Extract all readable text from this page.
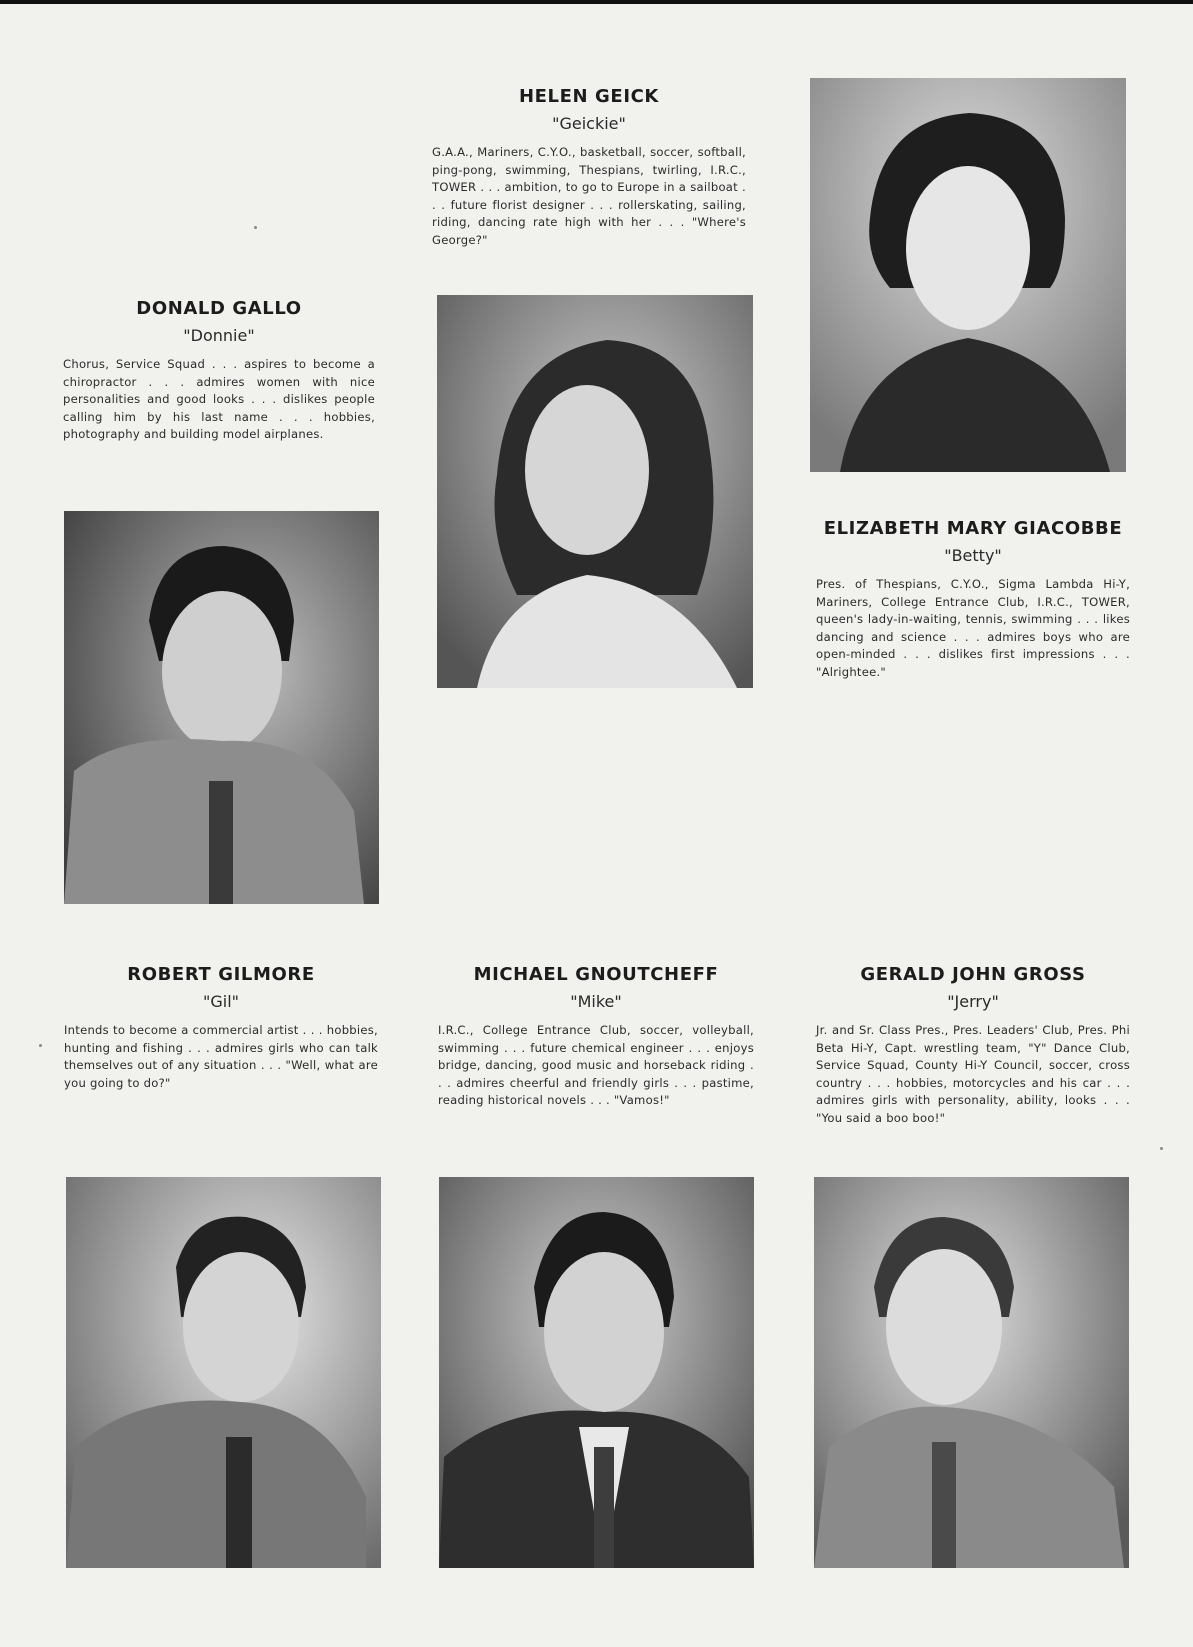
HELEN GEICK
"Geickie"

G.A.A., Mariners, C.Y.O., basketball, soccer, softball, ping-pong, swimming, Thespians, twirling, I.R.C., TOWER . . . ambition, to go to Europe in a sailboat . . . future florist designer . . . rollerskating, sailing, riding, dancing rate high with her . . . "Where's George?"

DONALD GALLO
"Donnie"

Chorus, Service Squad . . . aspires to become a chiropractor . . . admires women with nice personalities and good looks . . . dislikes people calling him by his last name . . . hobbies, photography and building model airplanes.

ELIZABETH MARY GIACOBBE
"Betty"

Pres. of Thespians, C.Y.O., Sigma Lambda Hi-Y, Mariners, College Entrance Club, I.R.C., TOWER, queen's lady-in-waiting, tennis, swimming . . . likes dancing and science . . . admires boys who are open-minded . . . dislikes first impressions . . . "Alrightee."

ROBERT GILMORE
"Gil"

Intends to become a commercial artist . . . hobbies, hunting and fishing . . . admires girls who can talk themselves out of any situation . . . "Well, what are you going to do?"

MICHAEL GNOUTCHEFF
"Mike"

I.R.C., College Entrance Club, soccer, volleyball, swimming . . . future chemical engineer . . . enjoys bridge, dancing, good music and horseback riding . . . admires cheerful and friendly girls . . . pastime, reading historical novels . . . "Vamos!"

GERALD JOHN GROSS
"Jerry"

Jr. and Sr. Class Pres., Pres. Leaders' Club, Pres. Phi Beta Hi-Y, Capt. wrestling team, "Y" Dance Club, Service Squad, County Hi-Y Council, soccer, cross country . . . hobbies, motorcycles and his car . . . admires girls with personality, ability, looks . . . "You said a boo boo!"
